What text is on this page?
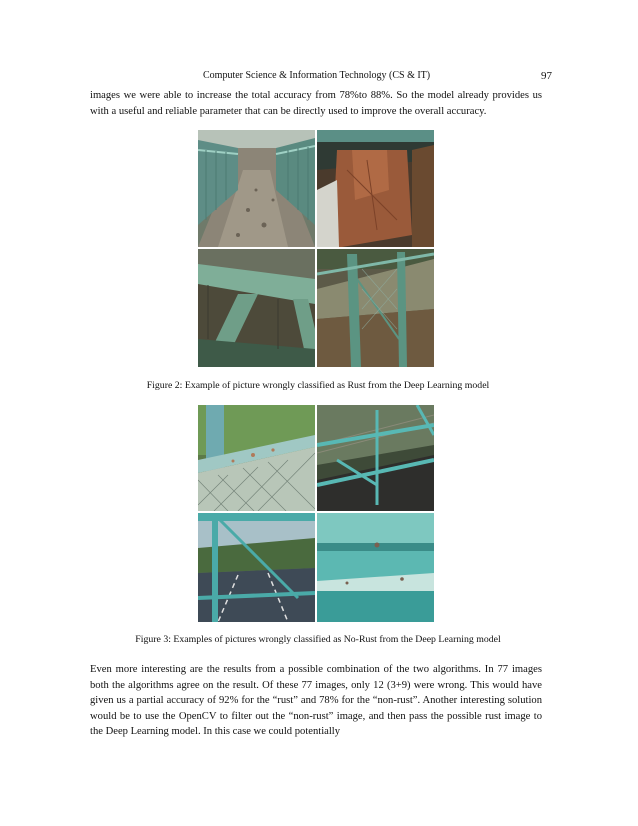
Computer Science & Information Technology (CS & IT)	97

images we were able to increase the total accuracy from 78%to 88%. So the model already provides us with a useful and reliable parameter that can be directly used to improve the overall accuracy.

Figure 2: Example of picture wrongly classified as Rust from the Deep Learning model

Figure 3: Examples of pictures wrongly classified as No-Rust from the Deep Learning model

Even more interesting are the results from a possible combination of the two algorithms. In 77 images both the algorithms agree on the result. Of these 77 images, only 12 (3+9) were wrong. This would have given us a partial accuracy of 92% for the “rust” and 78% for the “non-rust”. Another interesting solution would be to use the OpenCV to filter out the “non-rust” image, and then pass the possible rust image to the Deep Learning model. In this case we could potentially
